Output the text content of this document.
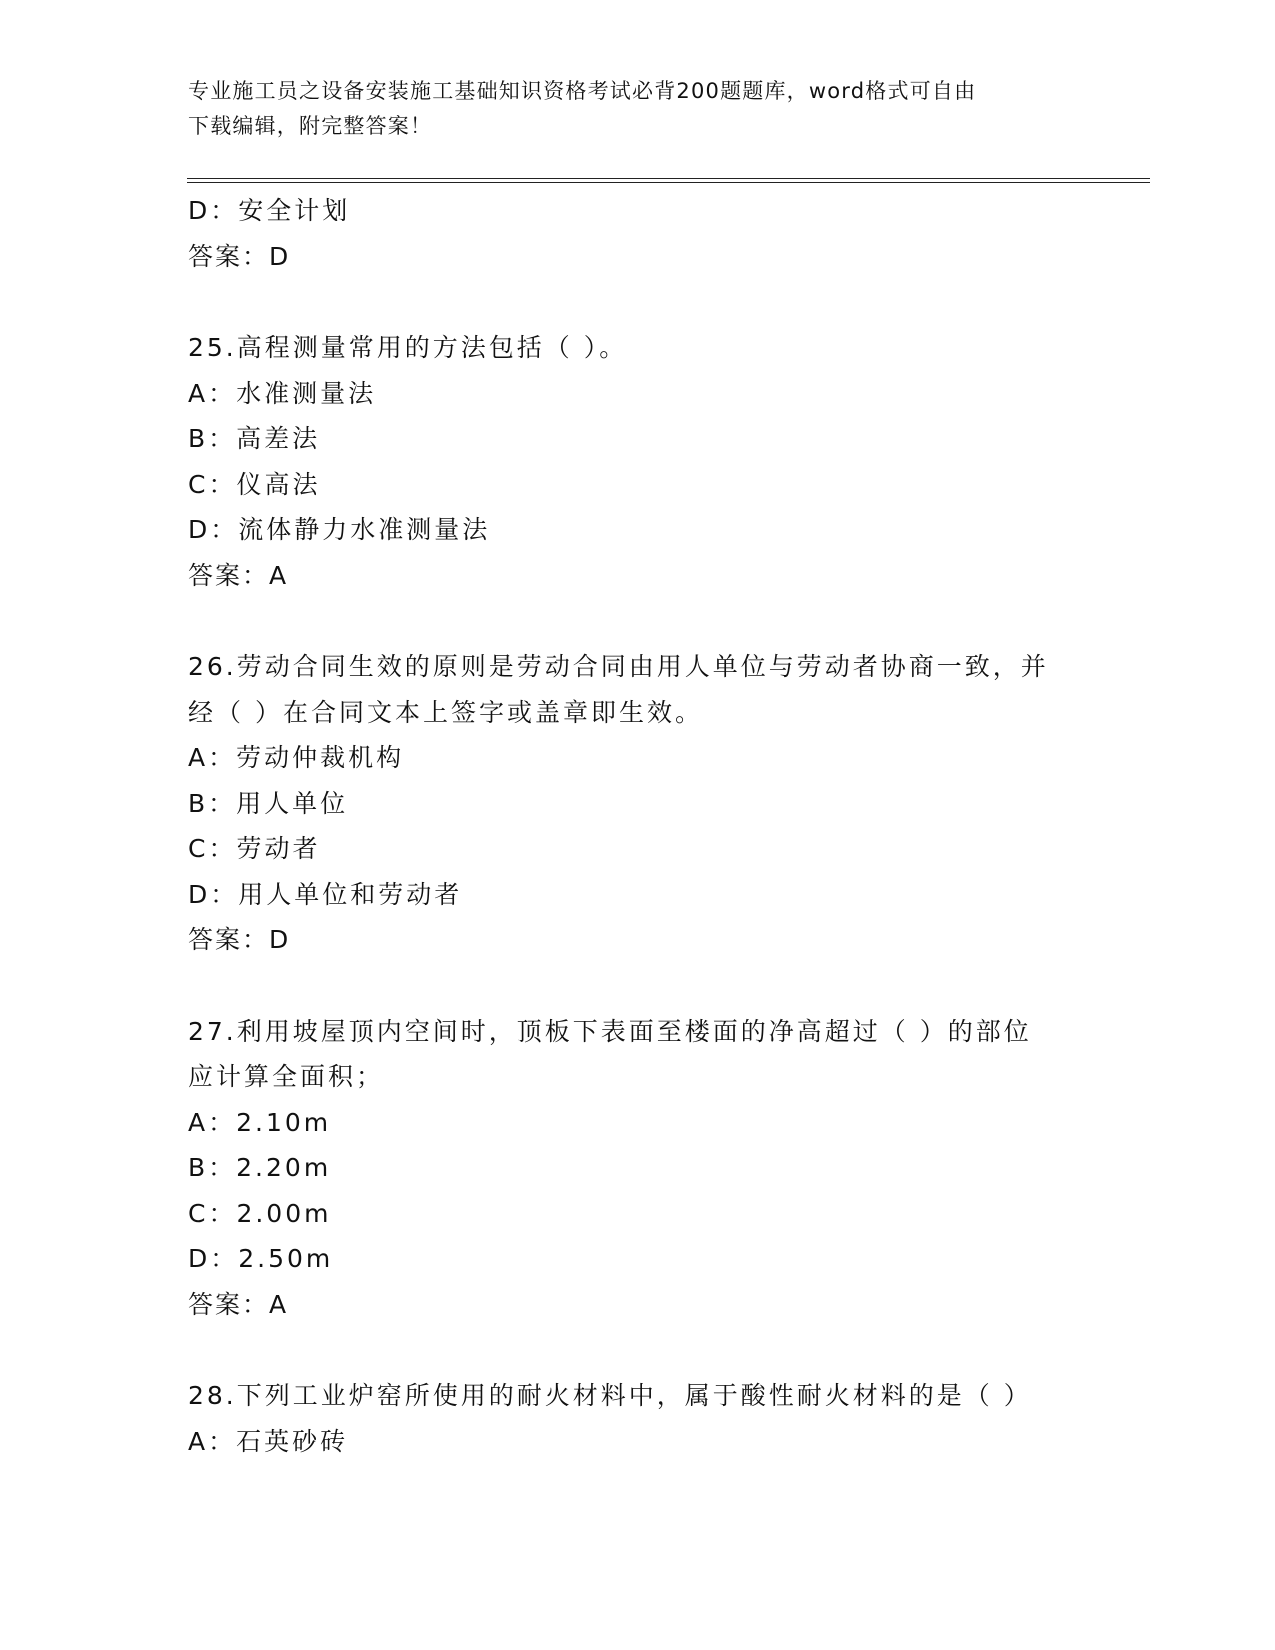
专业施工员之设备安装施工基础知识资格考试必背200题题库，word格式可自由
下载编辑，附完整答案！
D：安全计划
答案：D
25.高程测量常用的方法包括（ ）。
A：水准测量法
B：高差法
C：仪高法
D：流体静力水准测量法
答案：A
26.劳动合同生效的原则是劳动合同由用人单位与劳动者协商一致，并
经（ ）在合同文本上签字或盖章即生效。
A：劳动仲裁机构
B：用人单位
C：劳动者
D：用人单位和劳动者
答案：D
27.利用坡屋顶内空间时，顶板下表面至楼面的净高超过（ ）的部位
应计算全面积；
A：2.10m
B：2.20m
C：2.00m
D：2.50m
答案：A
28.下列工业炉窑所使用的耐火材料中，属于酸性耐火材料的是（ ）
A：石英砂砖
